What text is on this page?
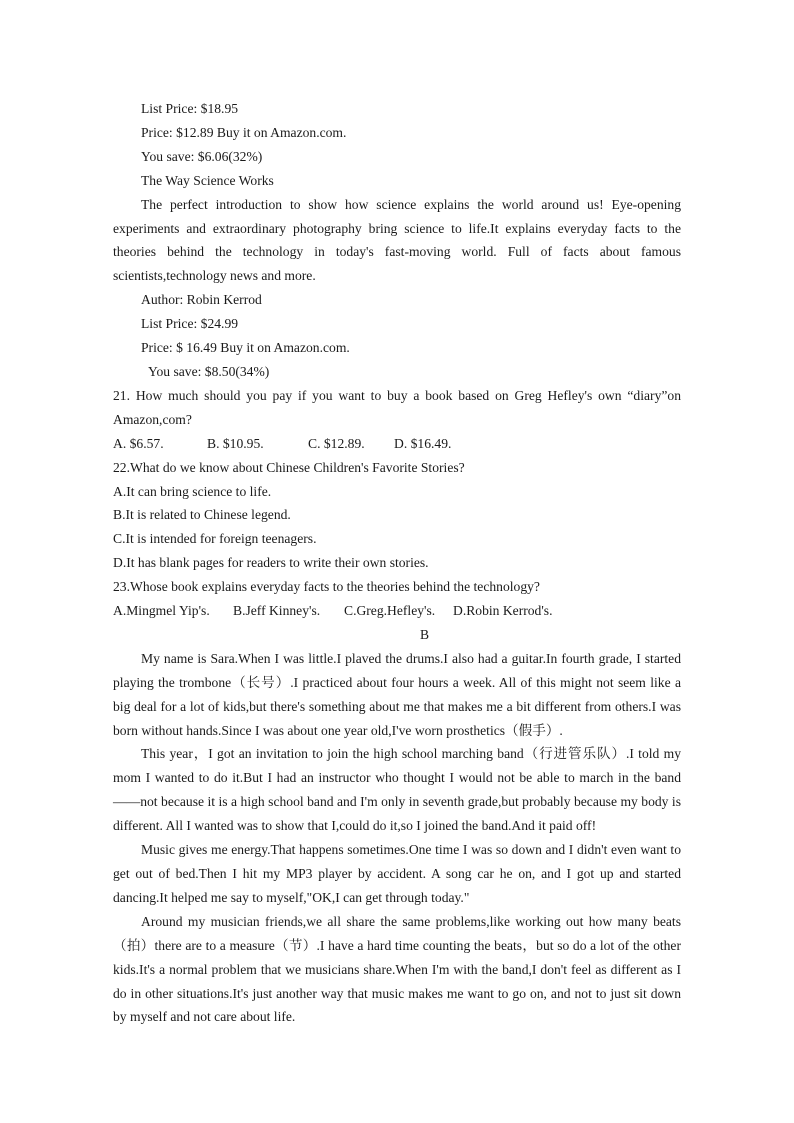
List Price: $18.95
Price: $12.89 Buy it on Amazon.com.
You save: $6.06(32%)
The Way Science Works
The perfect introduction to show how science explains the world around us! Eye-opening experiments and extraordinary photography bring science to life.It explains everyday facts to the theories behind the technology in today's fast-moving world. Full of facts about famous scientists,technology news and more.
Author: Robin Kerrod
List Price: $24.99
Price: $ 16.49 Buy it on Amazon.com.
You save: $8.50(34%)
21. How much should you pay if you want to buy a book based on Greg Hefley's own “diary”on Amazon,com?
A. $6.57.	B. $10.95.	C. $12.89.	D. $16.49.
22.What do we know about Chinese Children's Favorite Stories?
A.It can bring science to life.
B.It is related to Chinese legend.
C.It is intended for foreign teenagers.
D.It has blank pages for readers to write their own stories.
23.Whose book explains everyday facts to the theories behind the technology?
A.Mingmel Yip's.	B.Jeff Kinney's.	C.Greg.Hefley's.	D.Robin Kerrod's.
B
My name is Sara.When I was little.I plaved the drums.I also had a guitar.In fourth grade, I started playing the trombone（长号）.I practiced about four hours a week. All of this might not seem like a big deal for a lot of kids,but there's something about me that makes me a bit different from others.I was born without hands.Since I was about one year old,I've worn prosthetics（假手）.
This year，I got an invitation to join the high school marching band（行进管乐队）.I told my mom I wanted to do it.But I had an instructor who thought I would not be able to march in the band——not because it is a high school band and I'm only in seventh grade,but probably because my body is different. All I wanted was to show that I,could do it,so I joined the band.And it paid off!
Music gives me energy.That happens sometimes.One time I was so down and I didn't even want to get out of bed.Then I hit my MP3 player by accident. A song car he on, and I got up and started dancing.It helped me say to myself,"OK,I can get through today."
Around my musician friends,we all share the same problems,like working out how many beats（拍）there are to a measure（节）.I have a hard time counting the beats，but so do a lot of the other kids.It's a normal problem that we musicians share.When I'm with the band,I don't feel as different as I do in other situations.It's just another way that music makes me want to go on, and not to just sit down by myself and not care about life.
